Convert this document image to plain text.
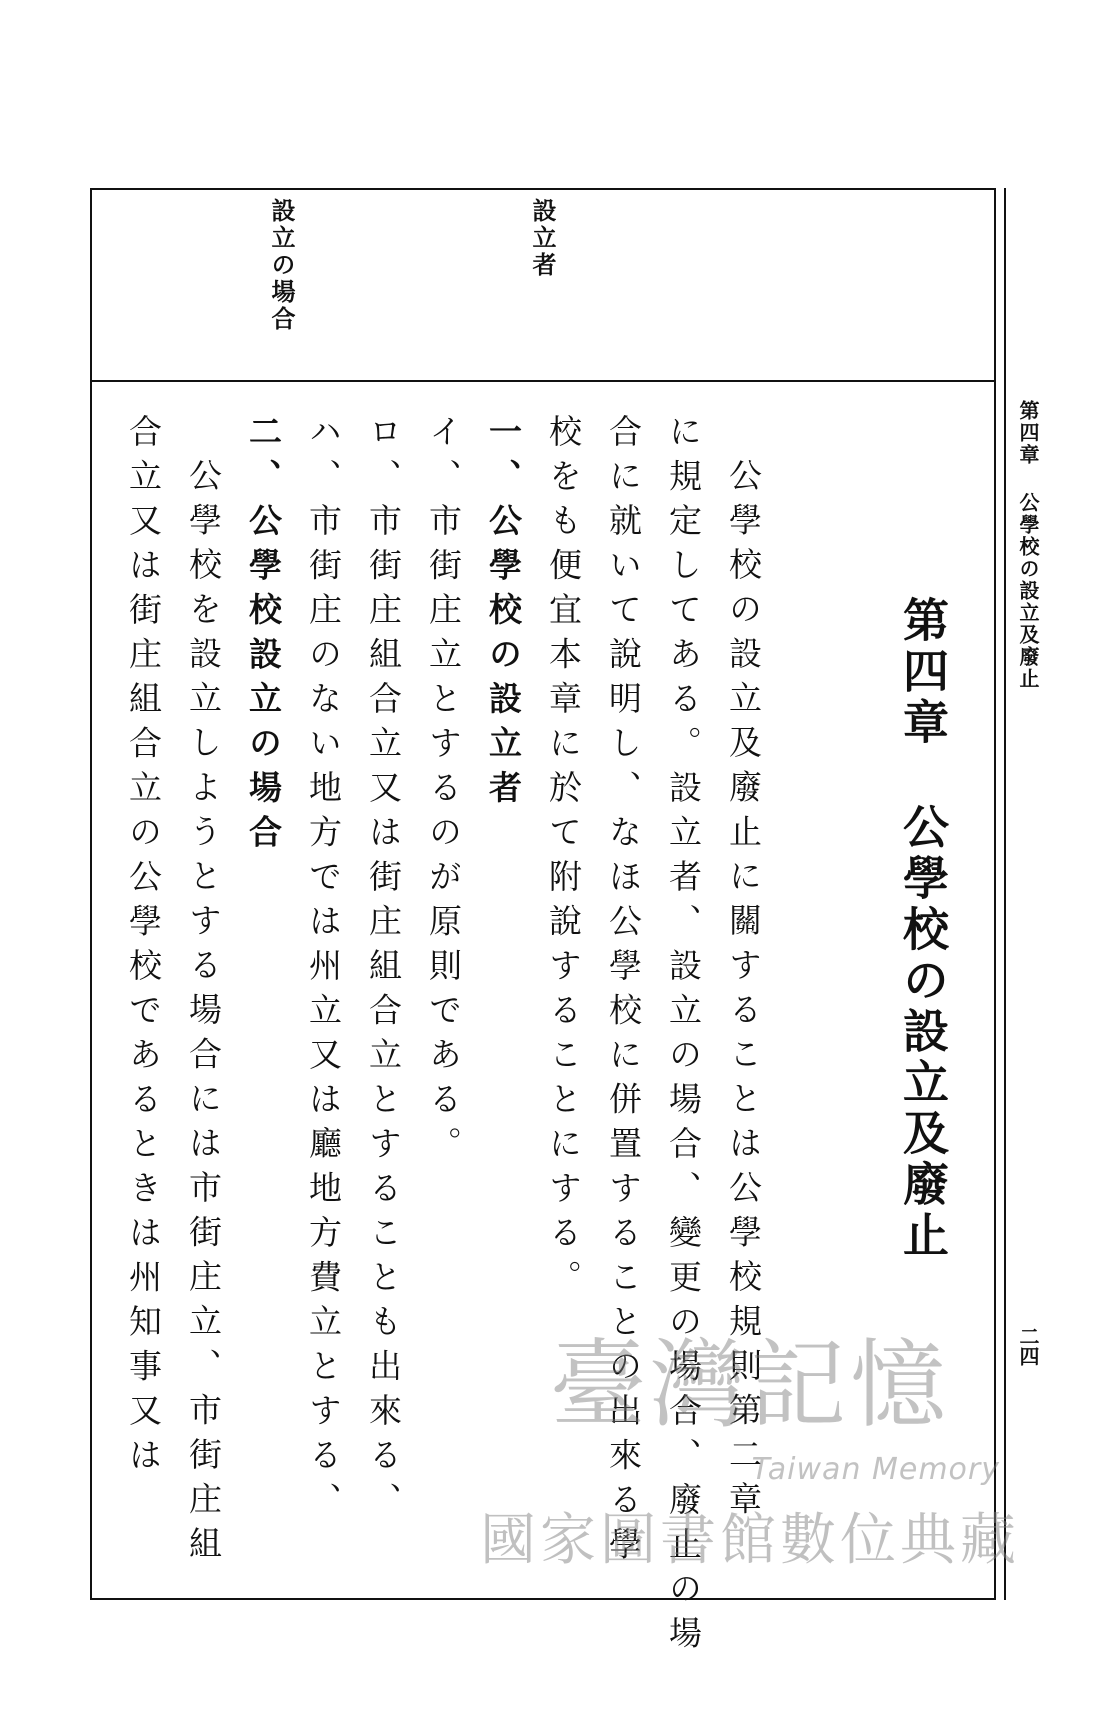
第四章 公學校の設立及廢止

二四

設立者

設立の場合

第四章公學校の設立及廢止

公學校の設立及廢止に關することは公學校規則第二章

に規定してある。設立者、設立の場合、變更の場合、廢止の場

合に就いて說明し、なほ公學校に併置することの出來る學

校をも便宜本章に於て附說することにする。

一、公學校の設立者

イ、市街庄立とするのが原則である。

ロ、市街庄組合立又は街庄組合立とすることも出來る、

ハ、市街庄のない地方では州立又は廳地方費立とする、

二、公學校設立の場合

公學校を設立しようとする場合には市街庄立、市街庄組

合立又は街庄組合立の公學校であるときは州知事又は	臺灣記憶
Taiwan Memory
國家圖書館數位典藏
